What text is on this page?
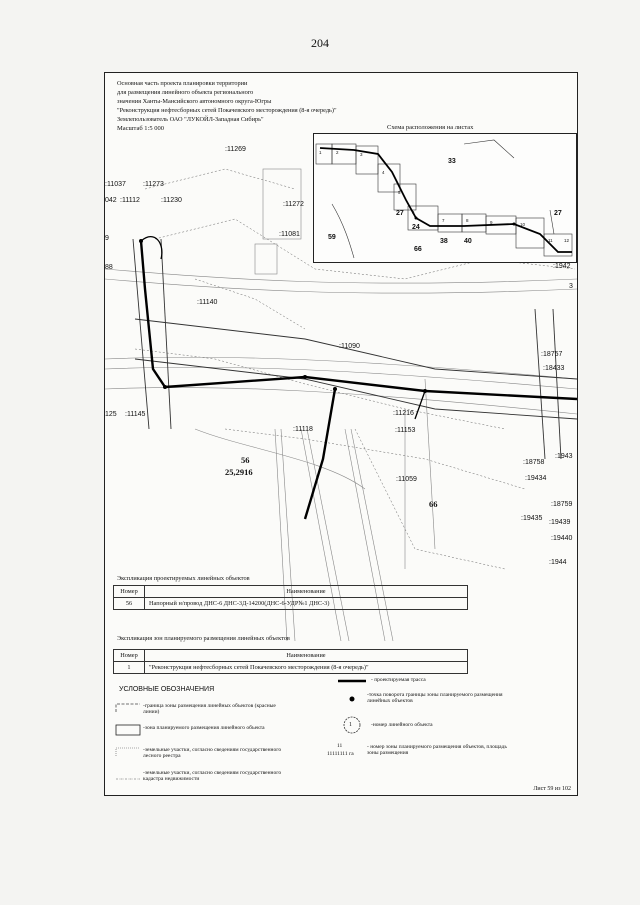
204
Основная часть проекта планировки территории
для размещения линейного объекта регионального
значения Ханты-Мансийского автономного округа-Югры
"Реконструкция нефтесборных сетей Покачевского месторождения (8-я очередь)"
Землепользователь ОАО "ЛУКОЙЛ-Западная Сибирь"
Масштаб 1:5 000
:11269
:11037 :11273
042 :11112	:11230
:11272
:11081
9
88
:11140
:11090
:18757
:18433
125 :11145	:11216
:11118	:11153
:18758
:19434
:11059
:18759
:19435
:19439
:19440
:1944
:1942
:1943
3
56
25,2916
66
Схема расположения на листах
33
27
59
24
38 40
66
27
1	2	3
4
5
6
7	8	9	10
11	12
Экспликация проектируемых линейных объектов
Номер	Наименование
56	Напорный н/провод ДНС-6 ДНС-3Д-14200(ДНС-6-УДР№1 ДНС-3)
Экспликация зон планируемого размещения линейных объектов
Номер	Наименование
1	"Реконструкция нефтесборных сетей Покачевского месторождения (8-я очередь)"
УСЛОВНЫЕ ОБОЗНАЧЕНИЯ
-граница зоны размещения линейных объектов (красные линии)
-зона планируемого размещения линейного объекта
-земельные участки, согласно сведениям государственного лесного реестра
-земельные участки, согласно сведениям государственного кадастра недвижимости
- проектируемая трасса
-точка поворота границы зоны планируемого размещения линейных объектов
1	-номер линейного объекта
11
11111111 га
- номер зоны планируемого размещения объектов, площадь зоны размещения
Лист 59 из 102
